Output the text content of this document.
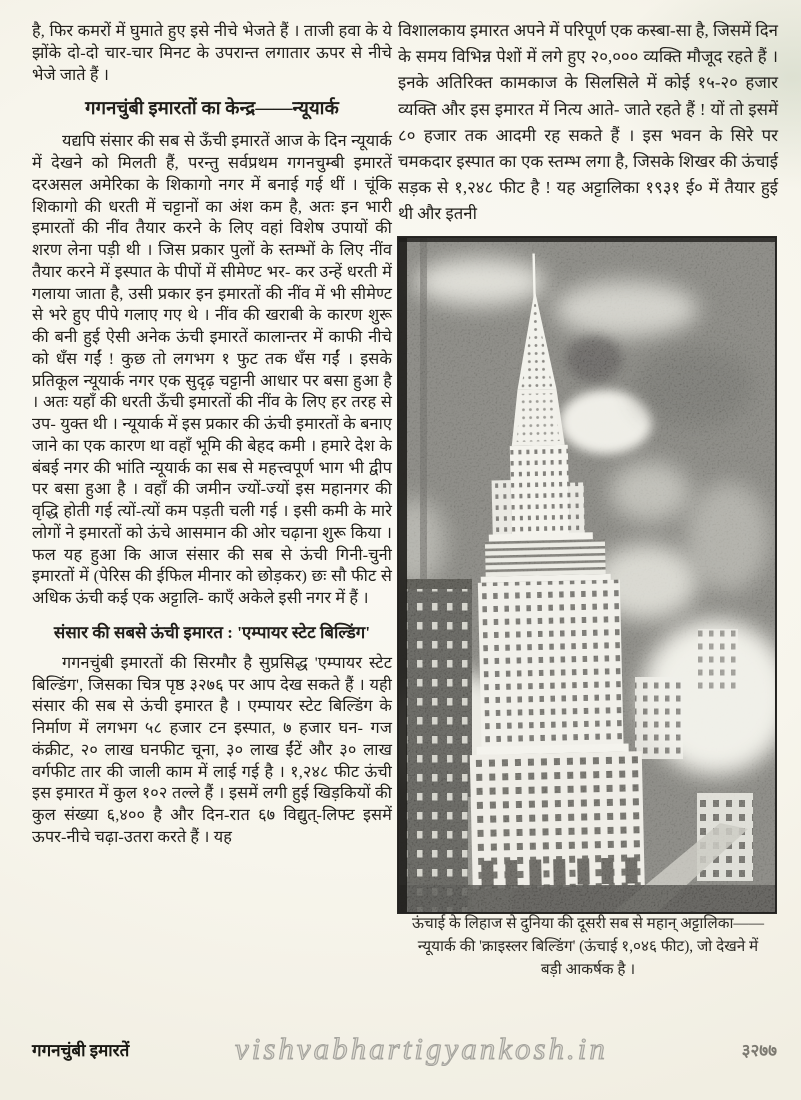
है, फिर कमरों में घुमाते हुए इसे नीचे भेजते हैं । ताजी हवा के ये झोंके दो-दो चार-चार मिनट के उपरान्त लगातार ऊपर से नीचे भेजे जाते हैं ।

गगनचुंबी इमारतों का केन्द्र——न्यूयार्क

यद्यपि संसार की सब से ऊँची इमारतें आज के दिन न्यूयार्क में देखने को मिलती हैं, परन्तु सर्वप्रथम गगनचुम्बी इमारतें दरअसल अमेरिका के शिकागो नगर में बनाई गई थीं । चूंकि शिकागो की धरती में चट्टानों का अंश कम है, अतः इन भारी इमारतों की नींव तैयार करने के लिए वहां विशेष उपायों की शरण लेना पड़ी थी । जिस प्रकार पुलों के स्तम्भों के लिए नींव तैयार करने में इस्पात के पीपों में सीमेण्ट भर- कर उन्हें धरती में गलाया जाता है, उसी प्रकार इन इमारतों की नींव में भी सीमेण्ट से भरे हुए पीपे गलाए गए थे । नींव की खराबी के कारण शुरू की बनी हुई ऐसी अनेक ऊंची इमारतें कालान्तर में काफी नीचे को धँस गईं ! कुछ तो लगभग १ फुट तक धँस गईं । इसके प्रतिकूल न्यूयार्क नगर एक सुदृढ़ चट्टानी आधार पर बसा हुआ है । अतः यहाँ की धरती ऊँची इमारतों की नींव के लिए हर तरह से उप- युक्त थी । न्यूयार्क में इस प्रकार की ऊंची इमारतों के बनाए जाने का एक कारण था वहाँ भूमि की बेहद कमी । हमारे देश के बंबई नगर की भांति न्यूयार्क का सब से महत्त्वपूर्ण भाग भी द्वीप पर बसा हुआ है । वहाँ की जमीन ज्यों-ज्यों इस महानगर की वृद्धि होती गई त्यों-त्यों कम पड़ती चली गई । इसी कमी के मारे लोगों ने इमारतों को ऊंचे आसमान की ओर चढ़ाना शुरू किया । फल यह हुआ कि आज संसार की सब से ऊंची गिनी-चुनी इमारतों में (पेरिस की ईफिल मीनार को छोड़कर) छः सौ फीट से अधिक ऊंची कई एक अट्टालि- काएँ अकेले इसी नगर में हैं ।

संसार की सबसे ऊंची इमारत : 'एम्पायर स्टेट बिल्डिंग'

गगनचुंबी इमारतों की सिरमौर है सुप्रसिद्ध 'एम्पायर स्टेट बिल्डिंग', जिसका चित्र पृष्ठ ३२७६ पर आप देख सकते हैं । यही संसार की सब से ऊंची इमारत है । एम्पायर स्टेट बिल्डिंग के निर्माण में लगभग ५८ हजार टन इस्पात, ७ हजार घन- गज कंक्रीट, २० लाख घनफीट चूना, ३० लाख ईंटें और ३० लाख वर्गफीट तार की जाली काम में लाई गई है । १,२४८ फीट ऊंची इस इमारत में कुल १०२ तल्ले हैं । इसमें लगी हुई खिड़कियों की कुल संख्या ६,४०० है और दिन-रात ६७ विद्युत्-लिफ्ट इसमें ऊपर-नीचे चढ़ा-उतरा करते हैं । यह

विशालकाय इमारत अपने में परिपूर्ण एक कस्बा-सा है, जिसमें दिन के समय विभिन्न पेशों में लगे हुए २०,००० व्यक्ति मौजूद रहते हैं । इनके अतिरिक्त कामकाज के सिलसिले में कोई १५-२० हजार व्यक्ति और इस इमारत में नित्य आते- जाते रहते हैं ! यों तो इसमें ८० हजार तक आदमी रह सकते हैं । इस भवन के सिरे पर चमकदार इस्पात का एक स्तम्भ लगा है, जिसके शिखर की ऊंचाई सड़क से १,२४८ फीट है ! यह अट्टालिका १९३१ ई० में तैयार हुई थी और इतनी

ऊंचाई के लिहाज से दुनिया की दूसरी सब से महान् अट्टालिका——न्यूयार्क की 'क्राइस्लर बिल्डिंग' (ऊंचाई १,०४६ फीट), जो देखने में बड़ी आकर्षक है ।

गगनचुंबी इमारतें	vishvabhartigyankosh.in	३२७७
